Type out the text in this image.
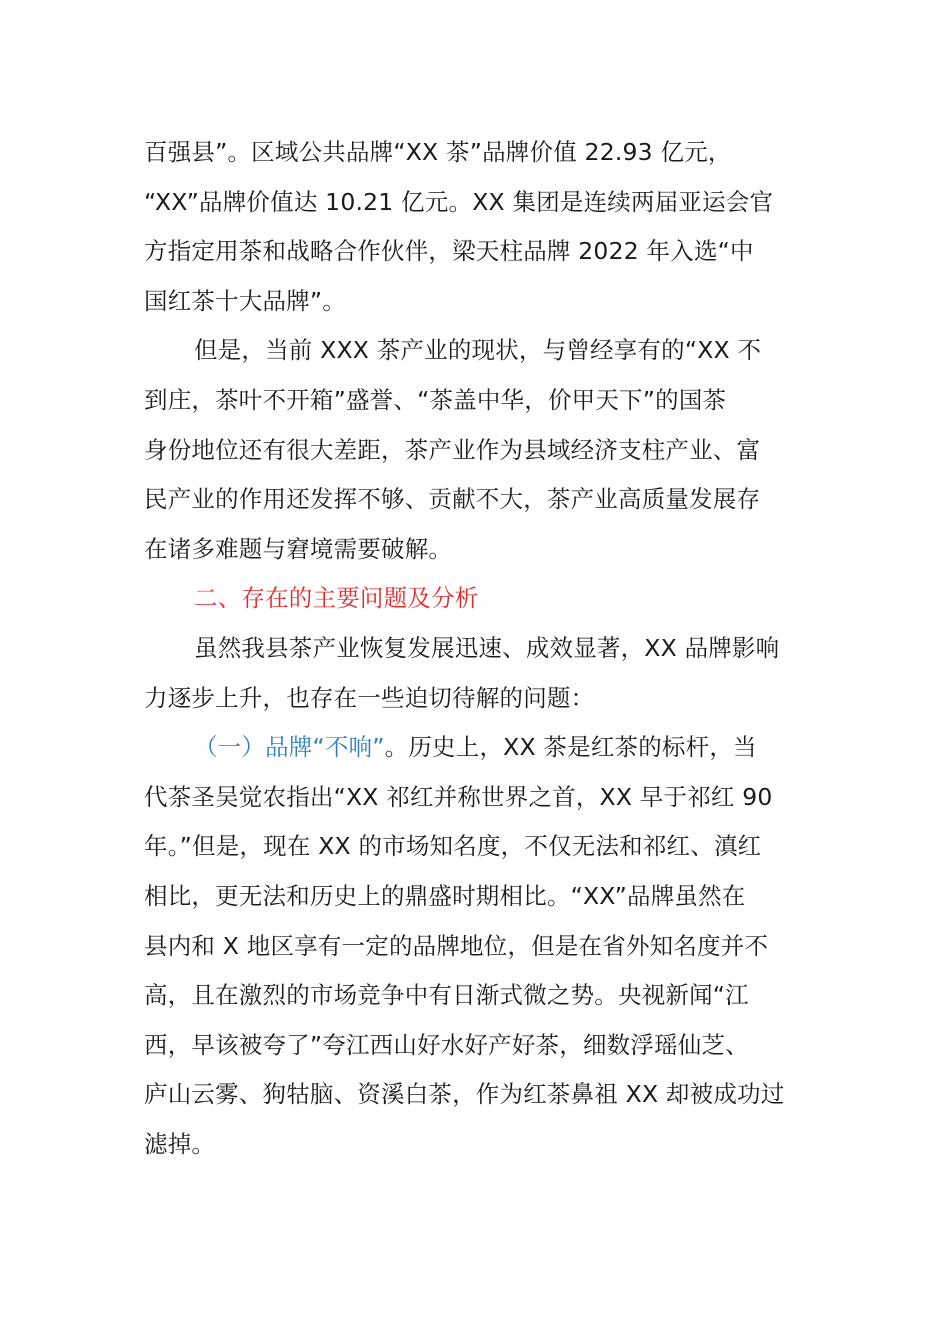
百强县”。区域公共品牌“XX 茶”品牌价值 22.93 亿元，
“XX”品牌价值达 10.21 亿元。XX 集团是连续两届亚运会官
方指定用茶和战略合作伙伴，梁天柱品牌 2022 年入选“中
国红茶十大品牌”。
但是，当前 XXX 茶产业的现状，与曾经享有的“XX 不
到庄，茶叶不开箱”盛誉、“茶盖中华，价甲天下”的国茶
身份地位还有很大差距，茶产业作为县域经济支柱产业、富
民产业的作用还发挥不够、贡献不大，茶产业高质量发展存
在诸多难题与窘境需要破解。
二、存在的主要问题及分析
虽然我县茶产业恢复发展迅速、成效显著，XX 品牌影响
力逐步上升，也存在一些迫切待解的问题：
（一）品牌“不响”。历史上，XX 茶是红茶的标杆，当
代茶圣吴觉农指出“XX 祁红并称世界之首，XX 早于祁红 90
年。”但是，现在 XX 的市场知名度，不仅无法和祁红、滇红
相比，更无法和历史上的鼎盛时期相比。“XX”品牌虽然在
县内和 X 地区享有一定的品牌地位，但是在省外知名度并不
高，且在激烈的市场竞争中有日渐式微之势。央视新闻“江
西，早该被夸了”夸江西山好水好产好茶，细数浮瑶仙芝、
庐山云雾、狗牯脑、资溪白茶，作为红茶鼻祖 XX 却被成功过
滤掉。
